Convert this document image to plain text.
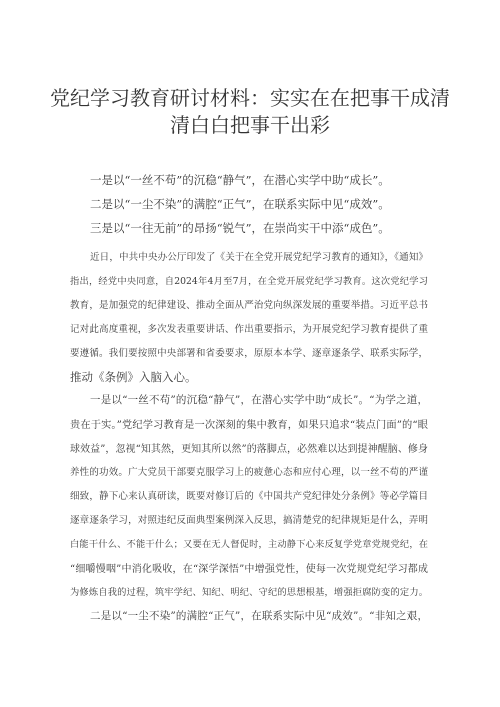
党纪学习教育研讨材料：实实在在把事干成清
清白白把事干出彩
一是以“一丝不苟”的沉稳“静气”，在潜心实学中助“成长”。
二是以“一尘不染”的满腔“正气”，在联系实际中见“成效”。
三是以“一往无前”的昂扬“锐气”，在崇尚实干中添“成色”。
近日，中共中央办公厅印发了《关于在全党开展党纪学习教育的通知》，《通知》
指出，经党中央同意，自2024年4月至7月，在全党开展党纪学习教育。这次党纪学习
教育，是加强党的纪律建设、推动全面从严治党向纵深发展的重要举措。习近平总书
记对此高度重视，多次发表重要讲话、作出重要指示，为开展党纪学习教育提供了重
要遵循。我们要按照中央部署和省委要求，原原本本学、逐章逐条学、联系实际学，
推动《条例》入脑入心。
一是以“一丝不苟”的沉稳“静气”，在潜心实学中助“成长”。“为学之道，
贵在于实。”党纪学习教育是一次深刻的集中教育，如果只追求“装点门面”的“眼
球效益”，忽视“知其然，更知其所以然”的落脚点，必然难以达到提神醒脑、修身
养性的功效。广大党员干部要克服学习上的疲惫心态和应付心理，以一丝不苟的严谨
细致，静下心来认真研读，既要对修订后的《中国共产党纪律处分条例》等必学篇目
逐章逐条学习，对照违纪反面典型案例深入反思，搞清楚党的纪律规矩是什么，弄明
白能干什么、不能干什么；又要在无人督促时，主动静下心来反复学党章党规党纪，在
“细嚼慢咽”中消化吸收，在“深学深悟”中增强党性，使每一次党规党纪学习都成
为修炼自我的过程，筑牢学纪、知纪、明纪、守纪的思想根基，增强拒腐防变的定力。
二是以“一尘不染”的满腔“正气”，在联系实际中见“成效”。“非知之艰，
